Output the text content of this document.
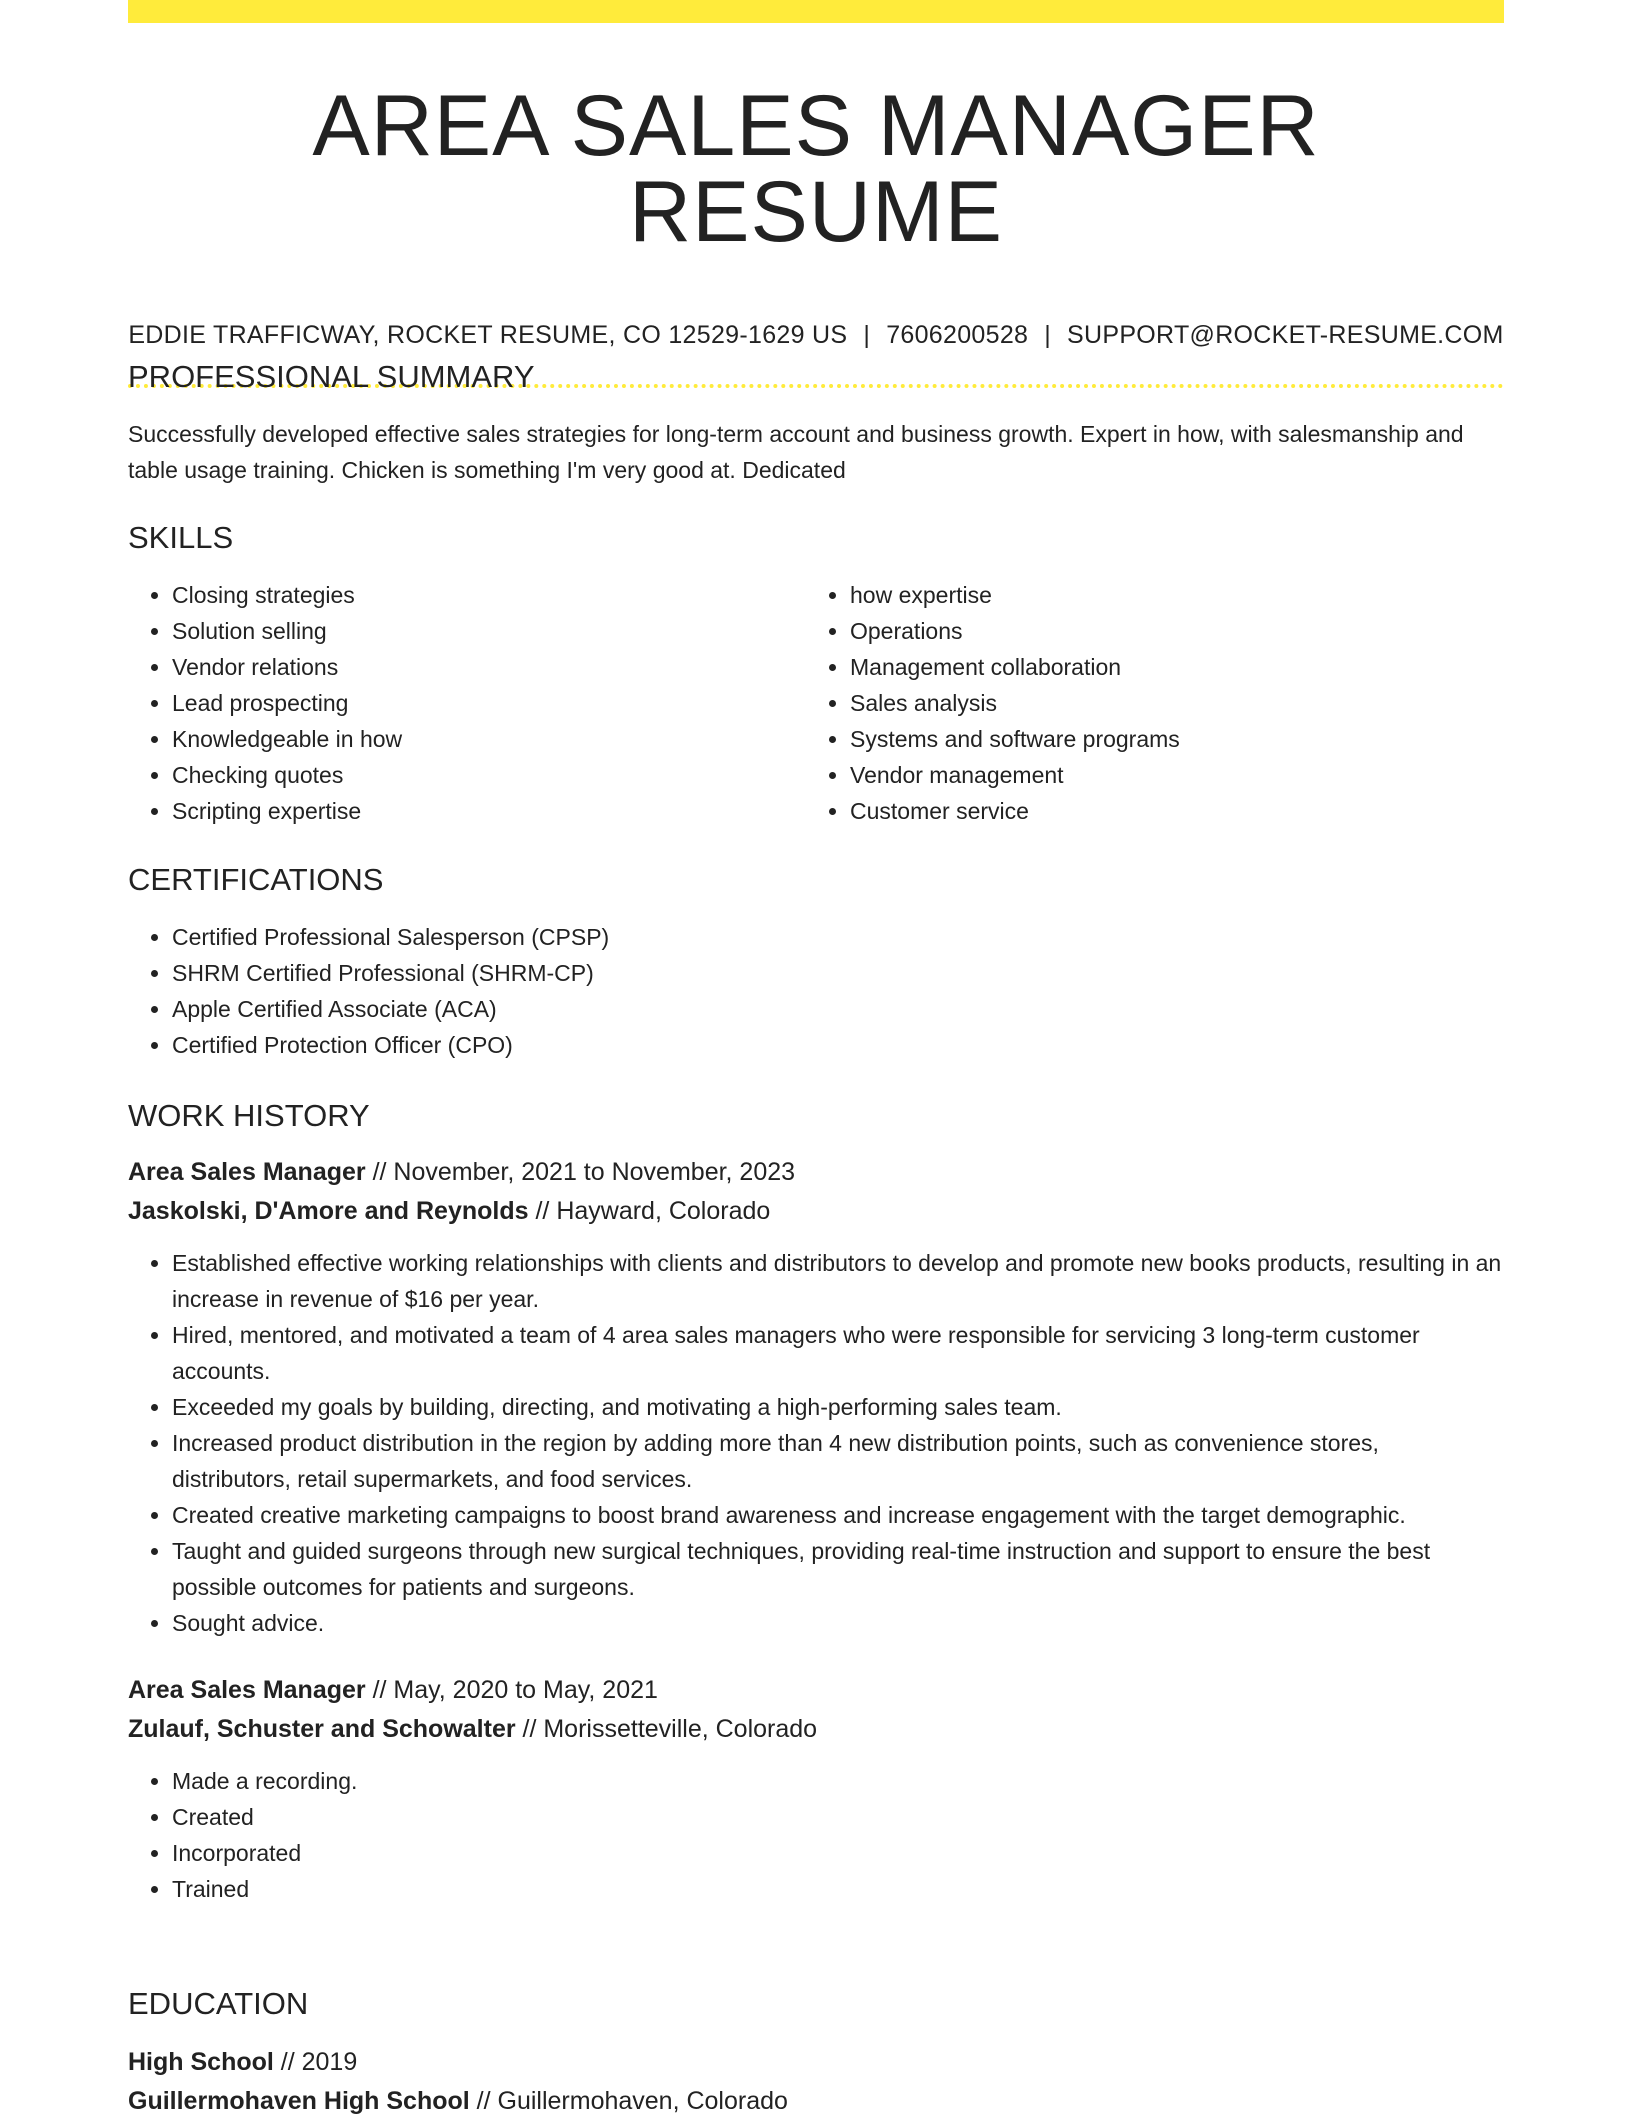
AREA SALES MANAGER RESUME
EDDIE TRAFFICWAY, ROCKET RESUME, CO 12529-1629 US | 7606200528 | SUPPORT@ROCKET-RESUME.COM
PROFESSIONAL SUMMARY

Successfully developed effective sales strategies for long-term account and business growth. Expert in how, with salesmanship and table usage training. Chicken is something I'm very good at. Dedicated

SKILLS
• Closing strategies
• Solution selling
• Vendor relations
• Lead prospecting
• Knowledgeable in how
• Checking quotes
• Scripting expertise
• how expertise
• Operations
• Management collaboration
• Sales analysis
• Systems and software programs
• Vendor management
• Customer service
CERTIFICATIONS
• Certified Professional Salesperson (CPSP)
• SHRM Certified Professional (SHRM-CP)
• Apple Certified Associate (ACA)
• Certified Protection Officer (CPO)
WORK HISTORY

Area Sales Manager // November, 2021 to November, 2023

Jaskolski, D'Amore and Reynolds // Hayward, Colorado

• Established effective working relationships with clients and distributors to develop and promote new books products, resulting in an increase in revenue of $16 per year.
• Hired, mentored, and motivated a team of 4 area sales managers who were responsible for servicing 3 long-term customer accounts.
• Exceeded my goals by building, directing, and motivating a high-performing sales team.
• Increased product distribution in the region by adding more than 4 new distribution points, such as convenience stores, distributors, retail supermarkets, and food services.
• Created creative marketing campaigns to boost brand awareness and increase engagement with the target demographic.
• Taught and guided surgeons through new surgical techniques, providing real-time instruction and support to ensure the best possible outcomes for patients and surgeons.
• Sought advice.

Area Sales Manager // May, 2020 to May, 2021

Zulauf, Schuster and Schowalter // Morissetteville, Colorado

• Made a recording.
• Created
• Incorporated
• Trained
EDUCATION

High School // 2019

Guillermohaven High School // Guillermohaven, Colorado
